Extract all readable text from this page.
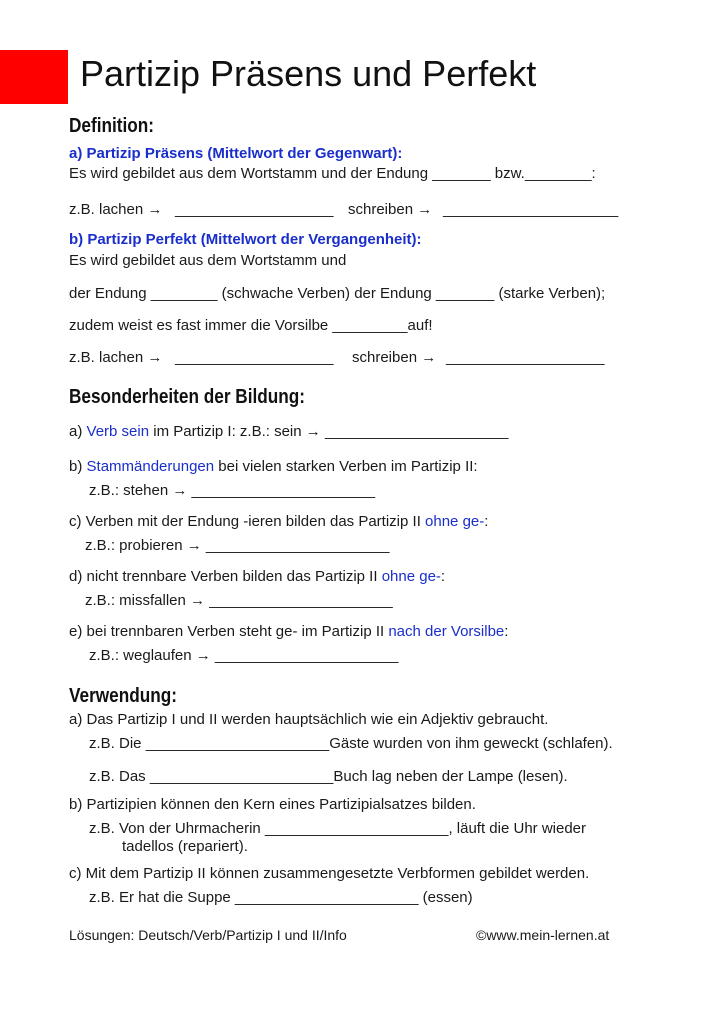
Partizip Präsens und Perfekt
Definition:
a) Partizip Präsens (Mittelwort der Gegenwart):
Es wird gebildet aus dem Wortstamm und der Endung _______ bzw.________:
z.B. lachen → ___________________ schreiben → _____________________
b) Partizip Perfekt (Mittelwort der Vergangenheit):
Es wird gebildet aus dem Wortstamm und
der Endung ________ (schwache Verben) der Endung _______ (starke Verben);
zudem weist es fast immer die Vorsilbe _________auf!
z.B. lachen → ___________________ schreiben → ___________________
Besonderheiten der Bildung:
a) Verb sein im Partizip I: z.B.: sein → ______________________
b) Stammänderungen bei vielen starken Verben im Partizip II:
z.B.: stehen → ______________________
c) Verben mit der Endung -ieren bilden das Partizip II ohne ge-:
z.B.: probieren → ______________________
d) nicht trennbare Verben bilden das Partizip II ohne ge-:
z.B.: missfallen → ______________________
e) bei trennbaren Verben steht ge- im Partizip II nach der Vorsilbe:
z.B.: weglaufen → ______________________
Verwendung:
a) Das Partizip I und II werden hauptsächlich wie ein Adjektiv gebraucht.
z.B. Die ______________________Gäste wurden von ihm geweckt (schlafen).
z.B. Das ______________________Buch lag neben der Lampe (lesen).
b) Partizipien können den Kern eines Partizipialsatzes bilden.
z.B. Von der Uhrmacherin ______________________, läuft die Uhr wieder
tadellos (repariert).
c) Mit dem Partizip II können zusammengesetzte Verbformen gebildet werden.
z.B. Er hat die Suppe ______________________ (essen)
Lösungen: Deutsch/Verb/Partizip I und II/Info	©www.mein-lernen.at
